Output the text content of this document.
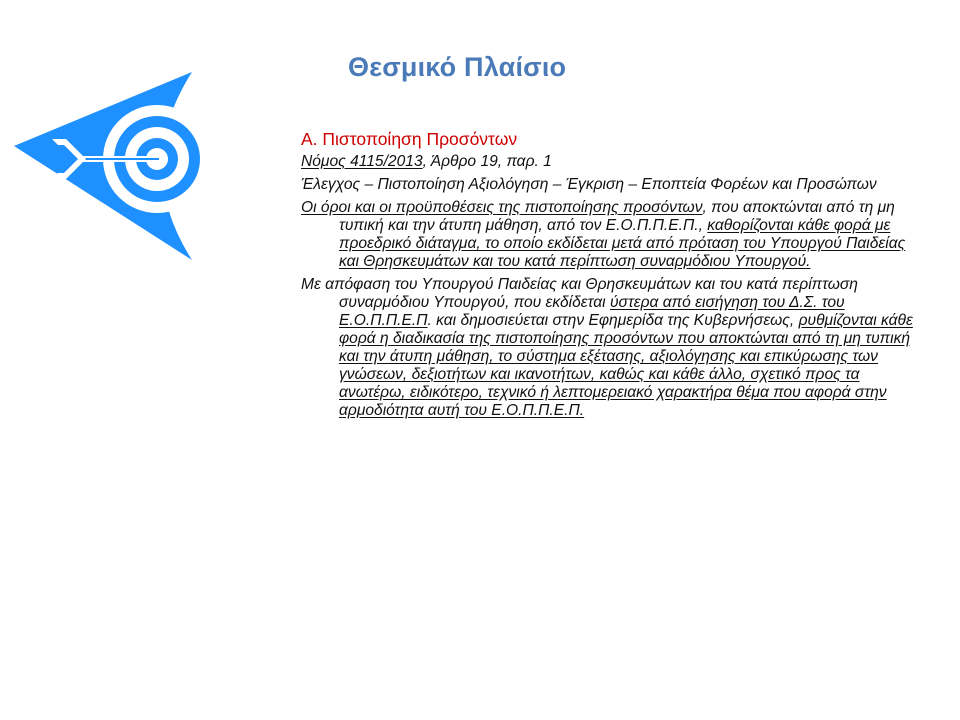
Θεσμικό Πλαίσιο
Α. Πιστοποίηση Προσόντων
Νόμος 4115/2013, Άρθρο 19, παρ. 1
Έλεγχος – Πιστοποίηση Αξιολόγηση – Έγκριση – Εποπτεία Φορέων και Προσώπων
Οι όροι και οι προϋποθέσεις της πιστοποίησης προσόντων, που αποκτώνται από τη μη τυπική και την άτυπη μάθηση, από τον Ε.Ο.Π.Π.Ε.Π., καθορίζονται κάθε φορά με προεδρικό διάταγμα, το οποίο εκδίδεται μετά από πρόταση του Υπουργού Παιδείας και Θρησκευμάτων και του κατά περίπτωση συναρμόδιου Υπουργού.
Με απόφαση του Υπουργού Παιδείας και Θρησκευμάτων και του κατά περίπτωση συναρμόδιου Υπουργού, που εκδίδεται ύστερα από εισήγηση του Δ.Σ. του Ε.Ο.Π.Π.Ε.Π. και δημοσιεύεται στην Εφημερίδα της Κυβερνήσεως, ρυθμίζονται κάθε φορά η διαδικασία της πιστοποίησης προσόντων που αποκτώνται από τη μη τυπική και την άτυπη μάθηση, το σύστημα εξέτασης, αξιολόγησης και επικύρωσης των γνώσεων, δεξιοτήτων και ικανοτήτων, καθώς και κάθε άλλο, σχετικό προς τα ανωτέρω, ειδικότερο, τεχνικό ή λεπτομερειακό χαρακτήρα θέμα που αφορά στην αρμοδιότητα αυτή του Ε.Ο.Π.Π.Ε.Π.
